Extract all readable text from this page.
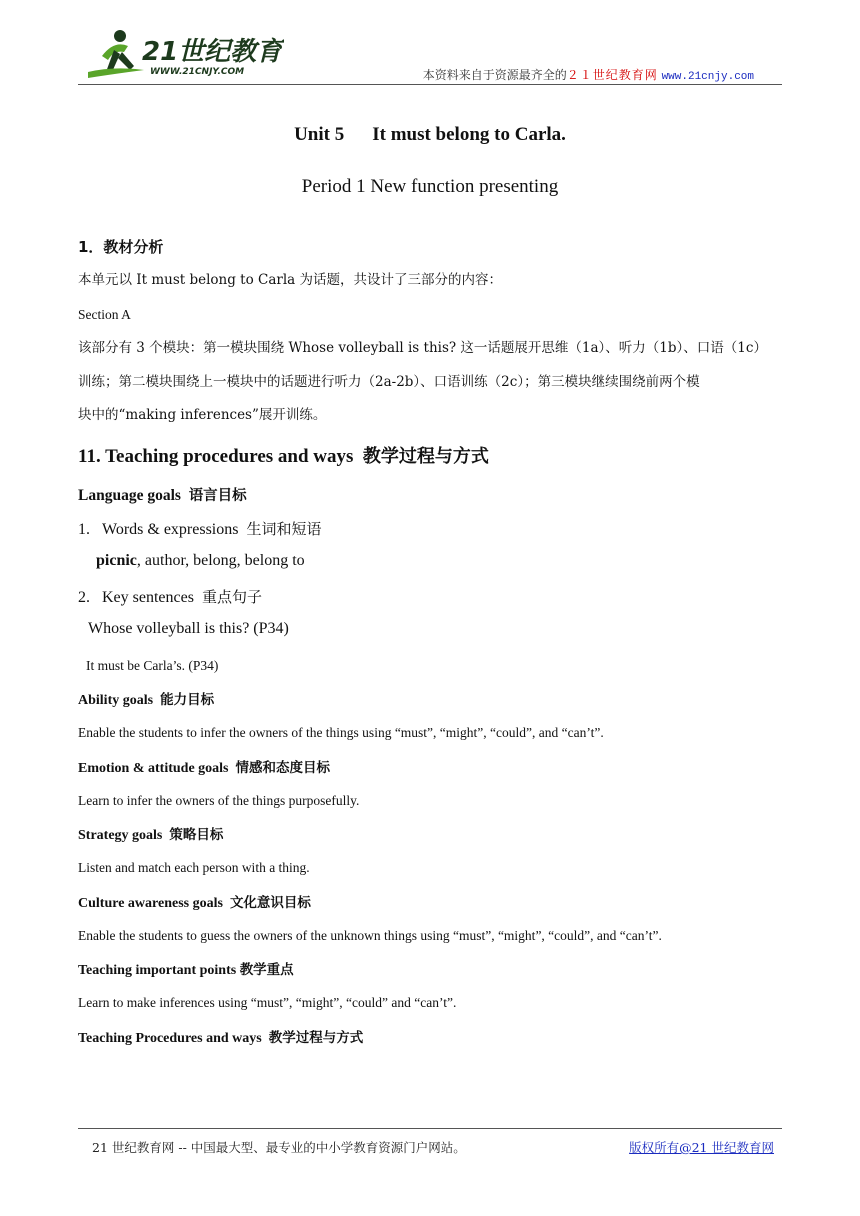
21世纪教育
WWW.21CNJY.COM	本资料来自于资源最齐全的２１世纪教育网 www.21cnjy.com
Unit 5 It must belong to Carla.
Period 1 New function presenting
1．教材分析
本单元以 It must belong to Carla 为话题，共设计了三部分的内容：
Section A
该部分有 3 个模块：第一模块围绕 Whose volleyball is this? 这一话题展开思维（1a）、听力（1b）、口语（1c）
训练；第二模块围绕上一模块中的话题进行听力（2a-2b）、口语训练（2c）；第三模块继续围绕前两个模
块中的“making inferences”展开训练。
11. Teaching procedures and ways 教学过程与方式
Language goals 语言目标
1. Words & expressions 生词和短语
picnic, author, belong, belong to
2. Key sentences 重点句子
Whose volleyball is this? (P34)
It must be Carla’s. (P34)
Ability goals 能力目标
Enable the students to infer the owners of the things using “must”, “might”, “could”, and “can’t”.
Emotion & attitude goals 情感和态度目标
Learn to infer the owners of the things purposefully.
Strategy goals 策略目标
Listen and match each person with a thing.
Culture awareness goals 文化意识目标
Enable the students to guess the owners of the unknown things using “must”, “might”, “could”, and “can’t”.
Teaching important points 教学重点
Learn to make inferences using “must”, “might”, “could” and “can’t”.
Teaching Procedures and ways 教学过程与方式
21 世纪教育网 -- 中国最大型、最专业的中小学教育资源门户网站。	版权所有@21 世纪教育网
